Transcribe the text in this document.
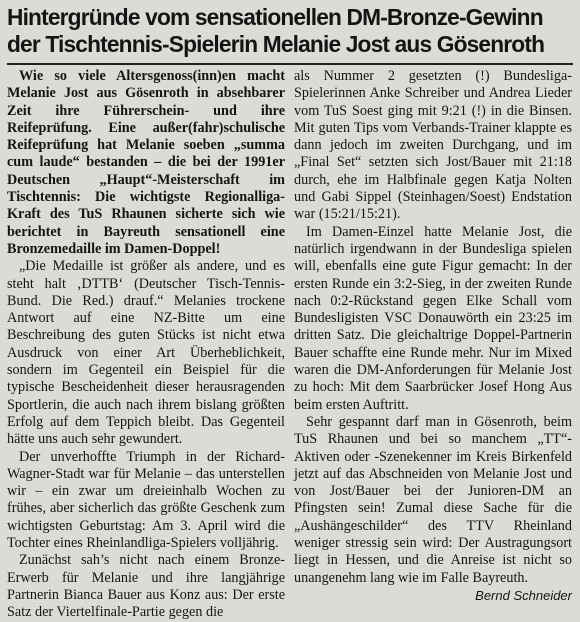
Hintergründe vom sensationellen DM-Bronze-Gewinn
der Tischtennis-Spielerin Melanie Jost aus Gösenroth

Wie so viele Altersgenoss(inn)en macht Melanie Jost aus Gösenroth in absehbarer Zeit ihre Führerschein- und ihre Reifeprüfung. Eine außer(fahr)schulische Reifeprüfung hat Melanie soeben „summa cum laude“ bestanden – die bei der 1991er Deutschen „Haupt“-Meisterschaft im Tischtennis: Die wichtigste Regionalliga-Kraft des TuS Rhaunen sicherte sich wie berichtet in Bayreuth sensationell eine Bronzemedaille im Damen-Doppel!

„Die Medaille ist größer als andere, und es steht halt ‚DTTB‘ (Deutscher Tisch-Tennis-Bund. Die Red.) drauf.“ Melanies trockene Antwort auf eine NZ-Bitte um eine Beschreibung des guten Stücks ist nicht etwa Ausdruck von einer Art Überheblichkeit, sondern im Gegenteil ein Beispiel für die typische Bescheidenheit dieser herausragenden Sportlerin, die auch nach ihrem bislang größten Erfolg auf dem Teppich bleibt. Das Gegenteil hätte uns auch sehr gewundert.

Der unverhoffte Triumph in der Richard-Wagner-Stadt war für Melanie – das unterstellen wir – ein zwar um dreieinhalb Wochen zu frühes, aber sicherlich das größte Geschenk zum wichtigsten Geburtstag: Am 3. April wird die Tochter eines Rheinlandliga-Spielers volljährig.

Zunächst sah’s nicht nach einem Bronze-Erwerb für Melanie und ihre langjährige Partnerin Bianca Bauer aus Konz aus: Der erste Satz der Viertelfinale-Partie gegen die

als Nummer 2 gesetzten (!) Bundesliga-Spielerinnen Anke Schreiber und Andrea Lieder vom TuS Soest ging mit 9:21 (!) in die Binsen. Mit guten Tips vom Verbands-Trainer klappte es dann jedoch im zweiten Durchgang, und im „Final Set“ setzten sich Jost/Bauer mit 21:18 durch, ehe im Halbfinale gegen Katja Nolten und Gabi Sippel (Steinhagen/Soest) Endstation war (15:21/15:21).

Im Damen-Einzel hatte Melanie Jost, die natürlich irgendwann in der Bundesliga spielen will, ebenfalls eine gute Figur gemacht: In der ersten Runde ein 3:2-Sieg, in der zweiten Runde nach 0:2-Rückstand gegen Elke Schall vom Bundesligisten VSC Donauwörth ein 23:25 im dritten Satz. Die gleichaltrige Doppel-Partnerin Bauer schaffte eine Runde mehr. Nur im Mixed waren die DM-Anforderungen für Melanie Jost zu hoch: Mit dem Saarbrücker Josef Hong Aus beim ersten Auftritt.

Sehr gespannt darf man in Gösenroth, beim TuS Rhaunen und bei so manchem „TT“-Aktiven oder -Szenekenner im Kreis Birkenfeld jetzt auf das Abschneiden von Melanie Jost und von Jost/Bauer bei der Junioren-DM an Pfingsten sein! Zumal diese Sache für die „Aushängeschilder“ des TTV Rheinland weniger stressig sein wird: Der Austragungsort liegt in Hessen, und die Anreise ist nicht so unangenehm lang wie im Falle Bayreuth.

Bernd Schneider
